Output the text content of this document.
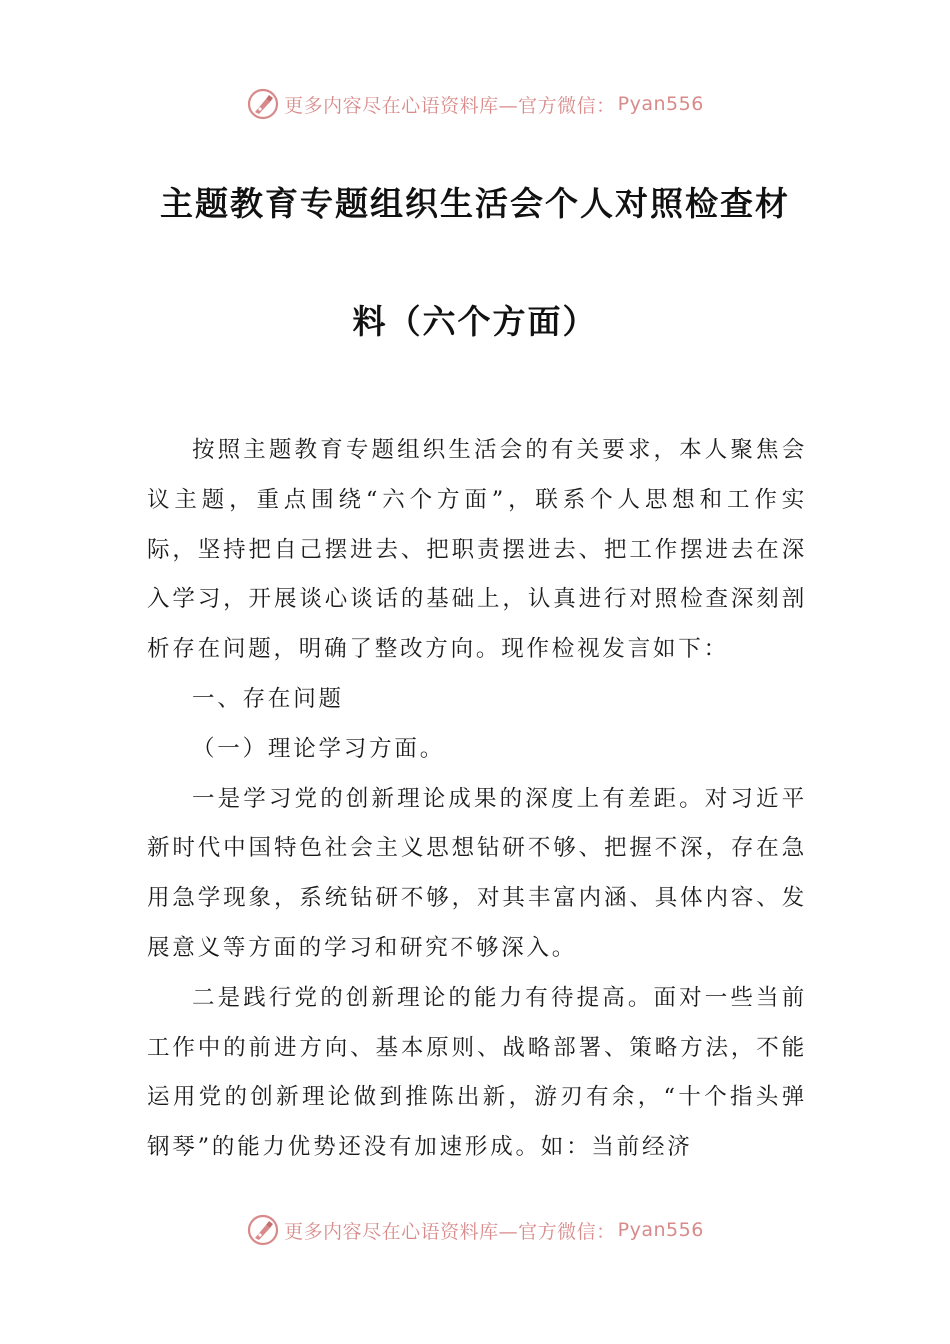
更多内容尽在心语资料库—官方微信： Pyan556
主题教育专题组织生活会个人对照检查材
料（六个方面）

按照主题教育专题组织生活会的有关要求，本人聚焦会议主题，重点围绕“六个方面”，联系个人思想和工作实际，坚持把自己摆进去、把职责摆进去、把工作摆进去在深入学习，开展谈心谈话的基础上，认真进行对照检查深刻剖析存在问题，明确了整改方向。现作检视发言如下：

一、存在问题

（一）理论学习方面。

一是学习党的创新理论成果的深度上有差距。对习近平新时代中国特色社会主义思想钻研不够、把握不深，存在急用急学现象，系统钻研不够，对其丰富内涵、具体内容、发展意义等方面的学习和研究不够深入。

二是践行党的创新理论的能力有待提高。面对一些当前工作中的前进方向、基本原则、战略部署、策略方法，不能运用党的创新理论做到推陈出新，游刃有余，“十个指头弹钢琴”的能力优势还没有加速形成。如：当前经济

更多内容尽在心语资料库—官方微信： Pyan556
